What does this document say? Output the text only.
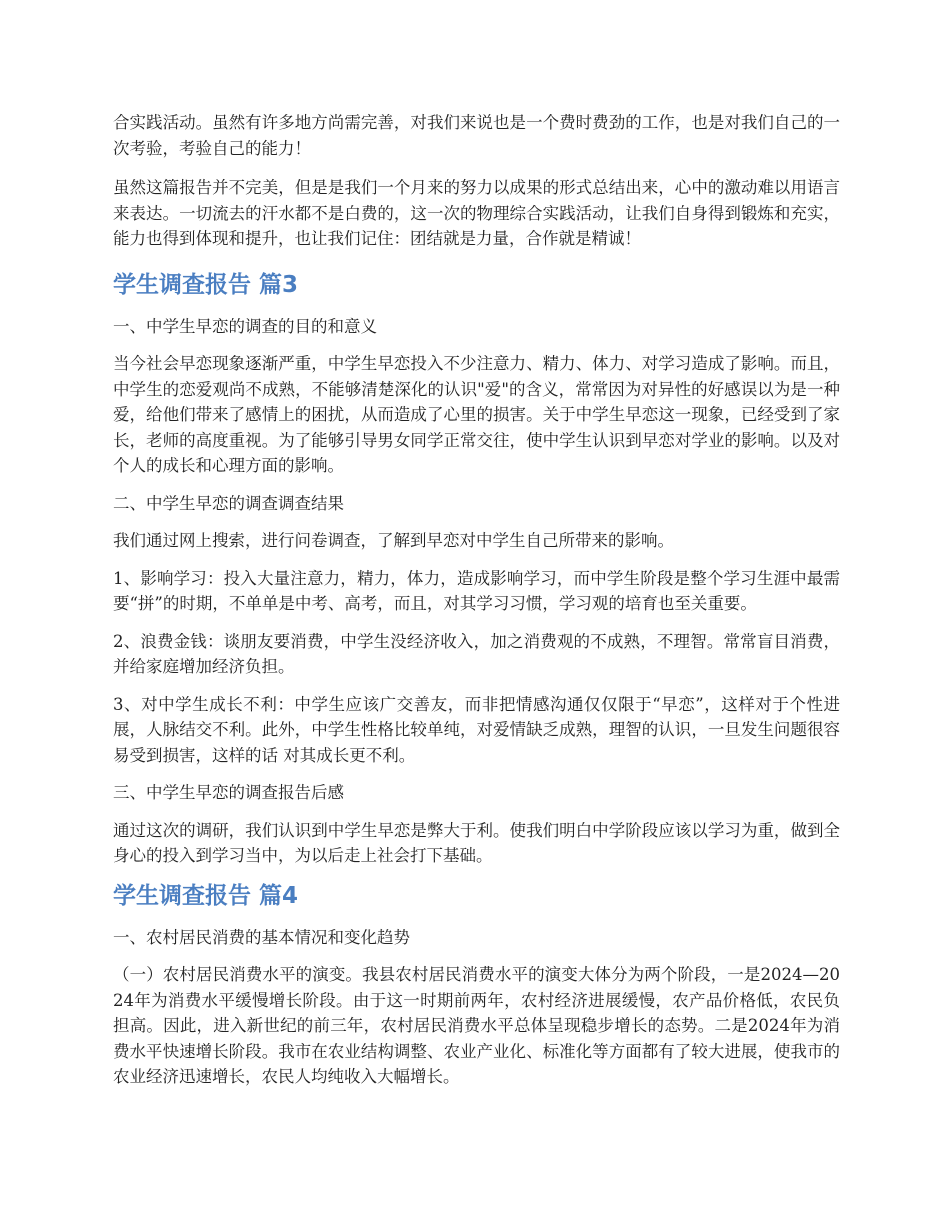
合实践活动。虽然有许多地方尚需完善，对我们来说也是一个费时费劲的工作，也是对我们自己的一次考验，考验自己的能力！

虽然这篇报告并不完美，但是是我们一个月来的努力以成果的形式总结出来，心中的激动难以用语言来表达。一切流去的汗水都不是白费的，这一次的物理综合实践活动，让我们自身得到锻炼和充实，能力也得到体现和提升，也让我们记住：团结就是力量，合作就是精诚！

学生调查报告 篇3

一、中学生早恋的调查的目的和意义

当今社会早恋现象逐渐严重，中学生早恋投入不少注意力、精力、体力、对学习造成了影响。而且，中学生的恋爱观尚不成熟，不能够清楚深化的认识"爱"的含义，常常因为对异性的好感误以为是一种爱，给他们带来了感情上的困扰，从而造成了心里的损害。关于中学生早恋这一现象，已经受到了家长，老师的高度重视。为了能够引导男女同学正常交往，使中学生认识到早恋对学业的影响。以及对个人的成长和心理方面的影响。

二、中学生早恋的调查调查结果

我们通过网上搜索，进行问卷调查，了解到早恋对中学生自己所带来的影响。

1、影响学习：投入大量注意力，精力，体力，造成影响学习，而中学生阶段是整个学习生涯中最需要“拼”的时期，不单单是中考、高考，而且，对其学习习惯，学习观的培育也至关重要。

2、浪费金钱：谈朋友要消费，中学生没经济收入，加之消费观的不成熟，不理智。常常盲目消费，并给家庭增加经济负担。

3、对中学生成长不利：中学生应该广交善友，而非把情感沟通仅仅限于“早恋”，这样对于个性进展，人脉结交不利。此外，中学生性格比较单纯，对爱情缺乏成熟，理智的认识，一旦发生问题很容易受到损害，这样的话 对其成长更不利。

三、中学生早恋的调查报告后感

通过这次的调研，我们认识到中学生早恋是弊大于利。使我们明白中学阶段应该以学习为重，做到全身心的投入到学习当中，为以后走上社会打下基础。

学生调查报告 篇4

一、农村居民消费的基本情况和变化趋势

（一）农村居民消费水平的演变。我县农村居民消费水平的演变大体分为两个阶段，一是2024—2024年为消费水平缓慢增长阶段。由于这一时期前两年，农村经济进展缓慢，农产品价格低，农民负担高。因此，进入新世纪的前三年，农村居民消费水平总体呈现稳步增长的态势。二是2024年为消费水平快速增长阶段。我市在农业结构调整、农业产业化、标准化等方面都有了较大进展，使我市的农业经济迅速增长，农民人均纯收入大幅增长。
